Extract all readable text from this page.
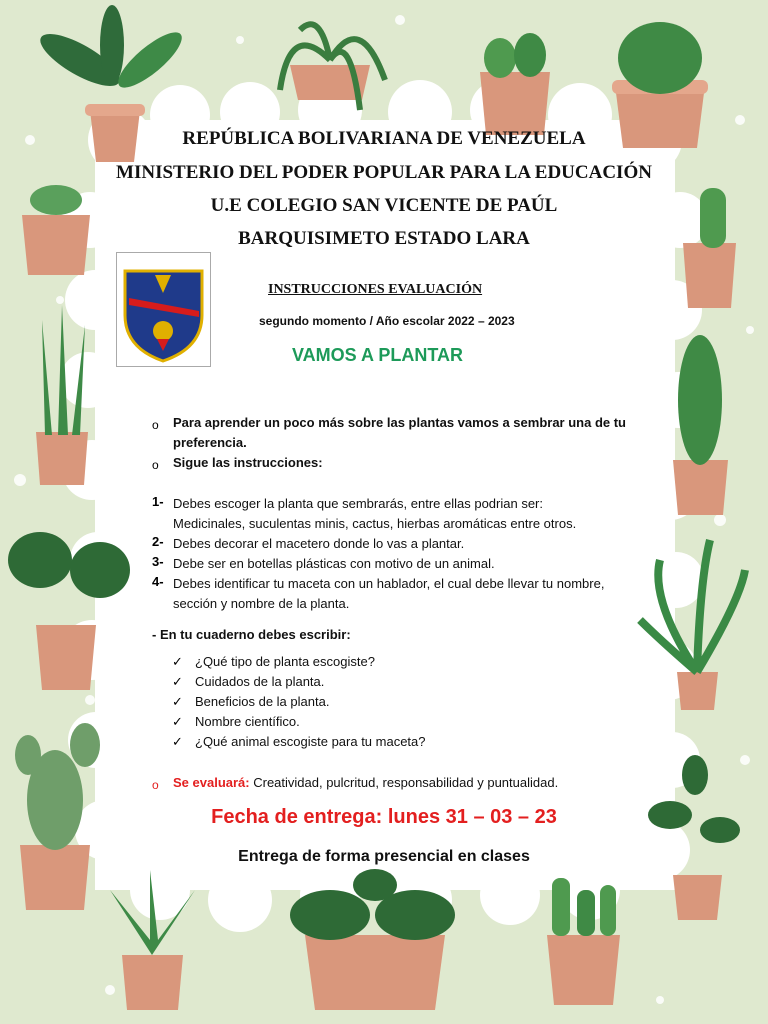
REPÚBLICA BOLIVARIANA DE VENEZUELA
MINISTERIO DEL PODER POPULAR PARA LA EDUCACIÓN
U.E COLEGIO SAN VICENTE DE PAÚL
BARQUISIMETO ESTADO LARA
INSTRUCCIONES EVALUACIÓN
segundo momento / Año escolar 2022 – 2023
VAMOS A PLANTAR
o Para aprender un poco más sobre las plantas vamos a sembrar una de tu
preferencia.
o Sigue las instrucciones:
1- Debes escoger la planta que sembrarás, entre ellas podrian ser:
Medicinales, suculentas minis, cactus, hierbas aromáticas entre otros.
2- Debes decorar el macetero donde lo vas a plantar.
3- Debe ser en botellas plásticas con motivo de un animal.
4- Debes identificar tu maceta con un hablador, el cual debe llevar tu nombre,
sección y nombre de la planta.
- En tu cuaderno debes escribir:
✓ ¿Qué tipo de planta escogiste?
✓ Cuidados de la planta.
✓ Beneficios de la planta.
✓ Nombre científico.
✓ ¿Qué animal escogiste para tu maceta?
o Se evaluará: Creatividad, pulcritud, responsabilidad y puntualidad.
Fecha de entrega: lunes 31 – 03 – 23
Entrega de forma presencial en clases
